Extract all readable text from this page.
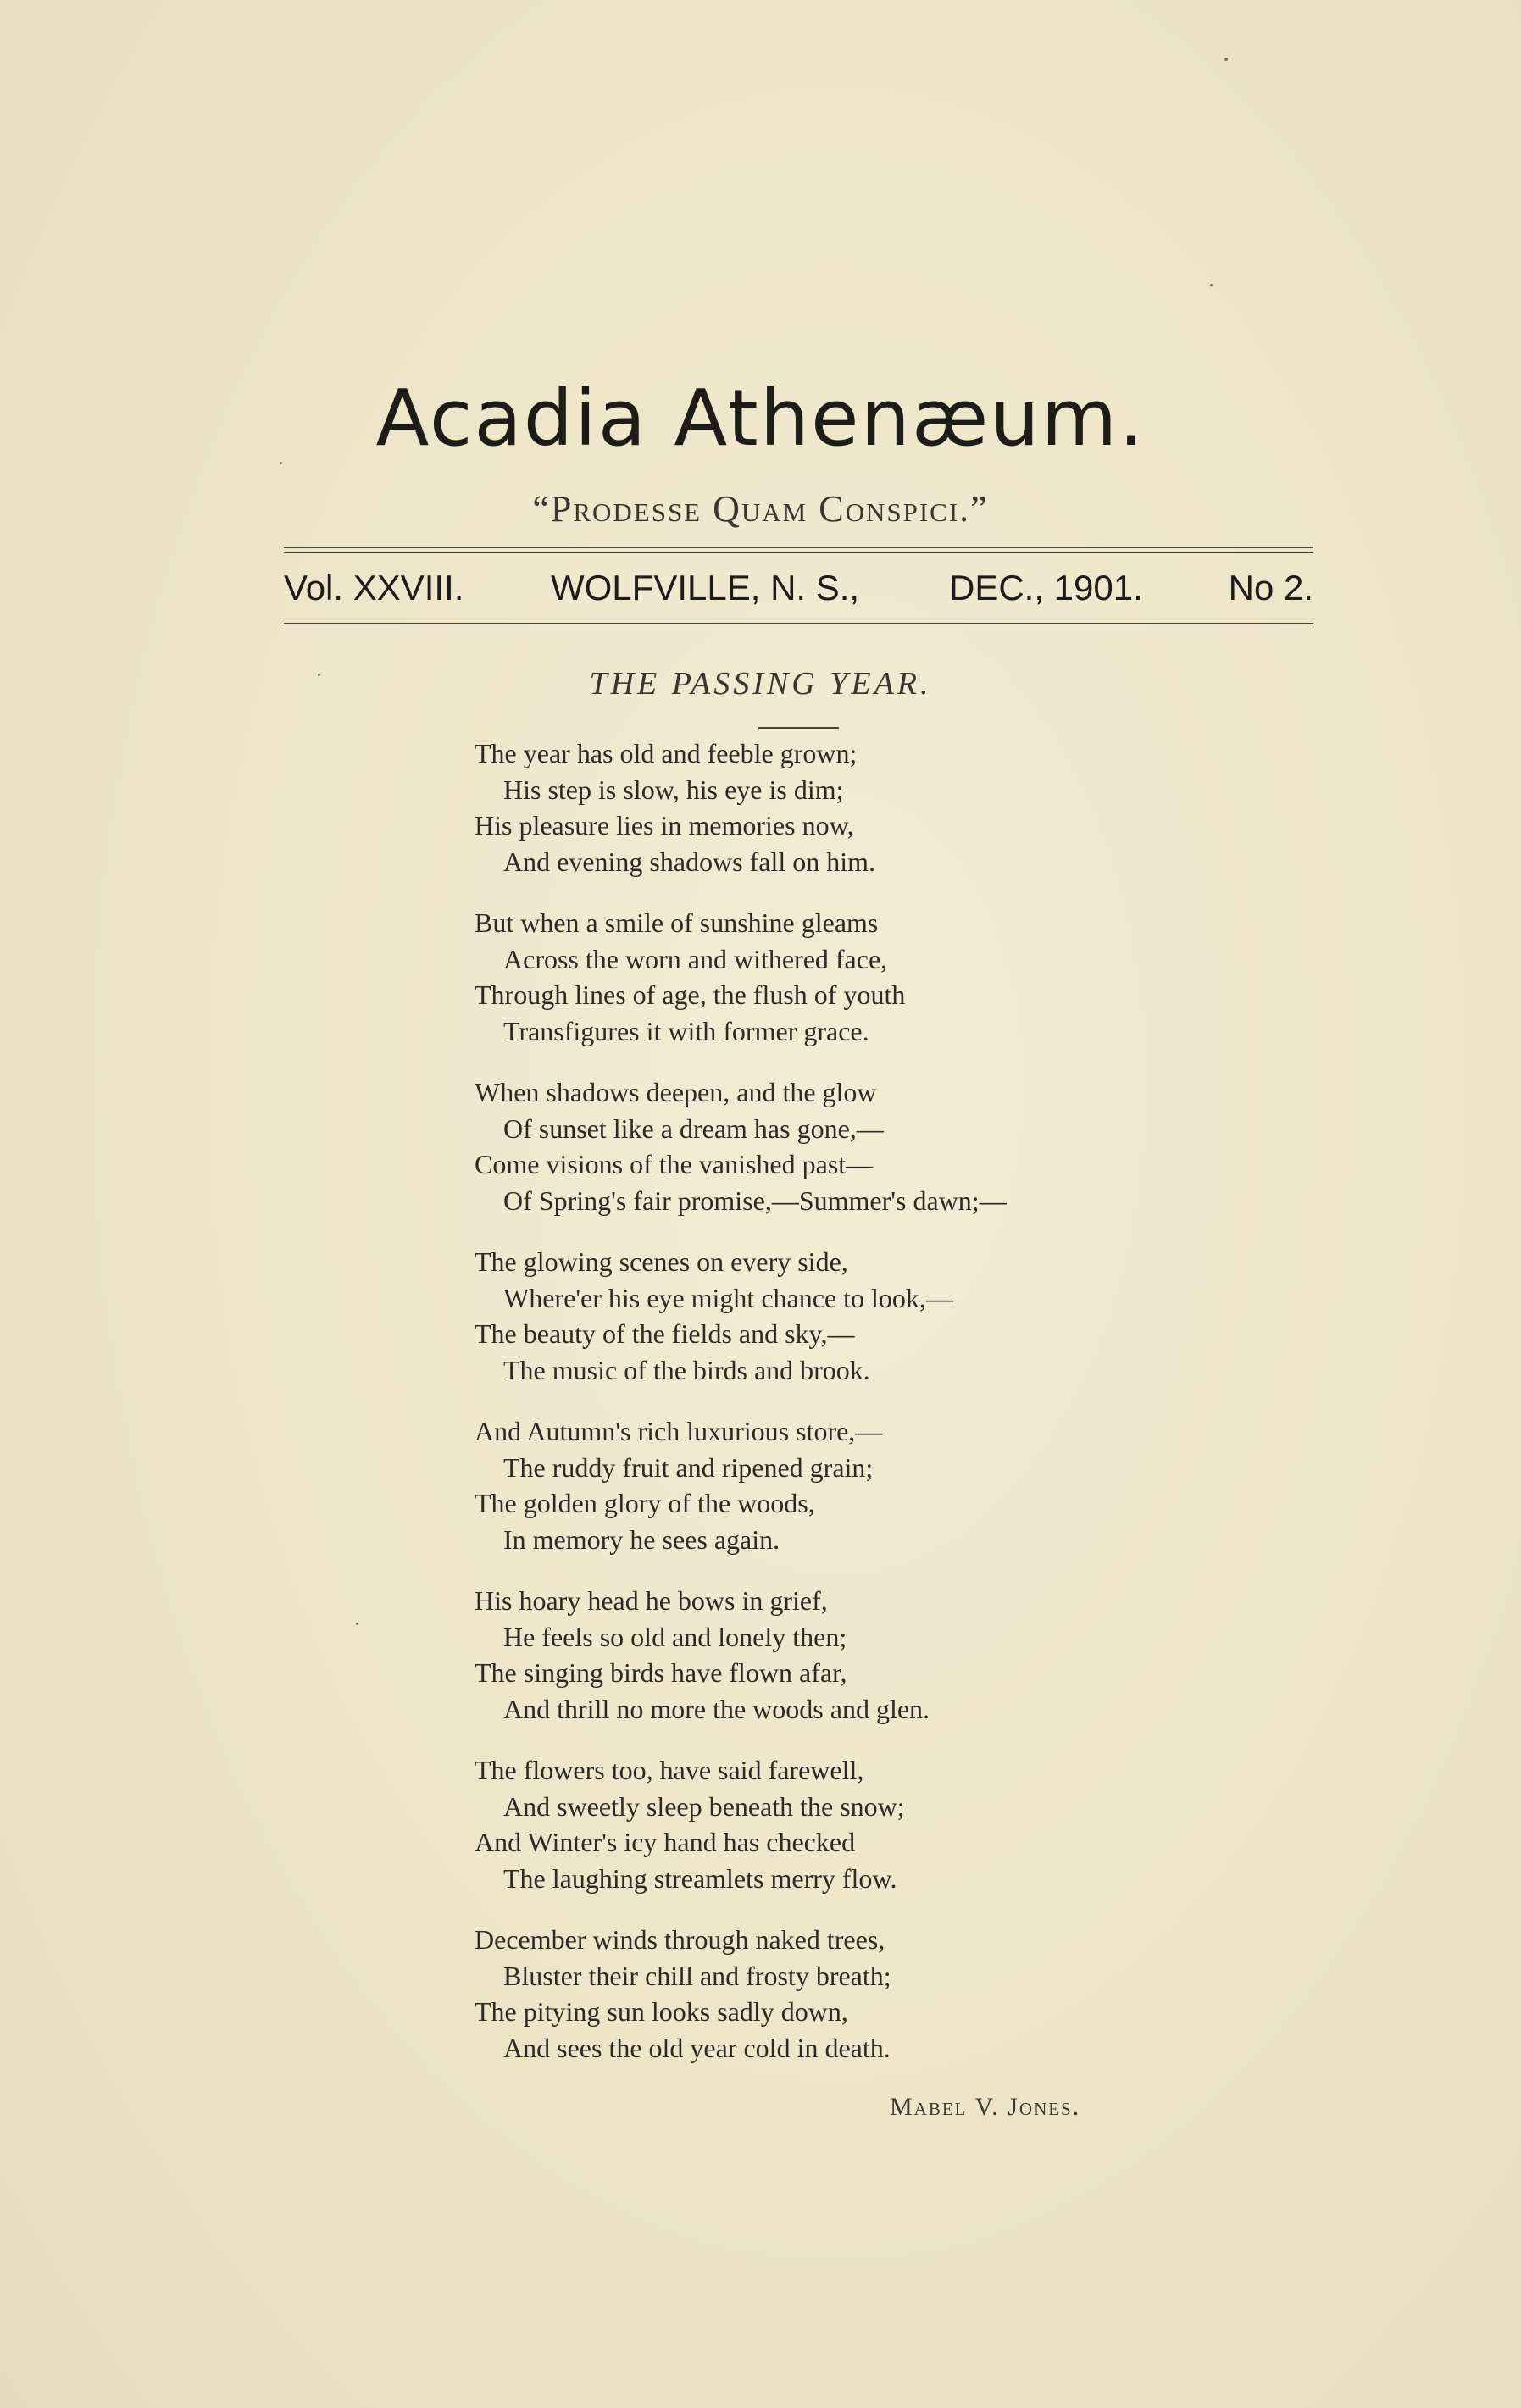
Acadia Athenæum.
“Prodesse Quam Conspici.”
Vol. XXVIII. WOLFVILLE, N. S.,	DEC., 1901. No 2.
THE PASSING YEAR.
The year has old and feeble grown;
His step is slow, his eye is dim;
His pleasure lies in memories now,
And evening shadows fall on him.
But when a smile of sunshine gleams
Across the worn and withered face,
Through lines of age, the flush of youth
Transfigures it with former grace.
When shadows deepen, and the glow
Of sunset like a dream has gone,—
Come visions of the vanished past—
Of Spring's fair promise,—Summer's dawn;—
The glowing scenes on every side,
Where'er his eye might chance to look,—
The beauty of the fields and sky,—
The music of the birds and brook.
And Autumn's rich luxurious store,—
The ruddy fruit and ripened grain;
The golden glory of the woods,
In memory he sees again.
His hoary head he bows in grief,
He feels so old and lonely then;
The singing birds have flown afar,
And thrill no more the woods and glen.
The flowers too, have said farewell,
And sweetly sleep beneath the snow;
And Winter's icy hand has checked
The laughing streamlets merry flow.
December winds through naked trees,
Bluster their chill and frosty breath;
The pitying sun looks sadly down,
And sees the old year cold in death.
Mabel V. Jones.
